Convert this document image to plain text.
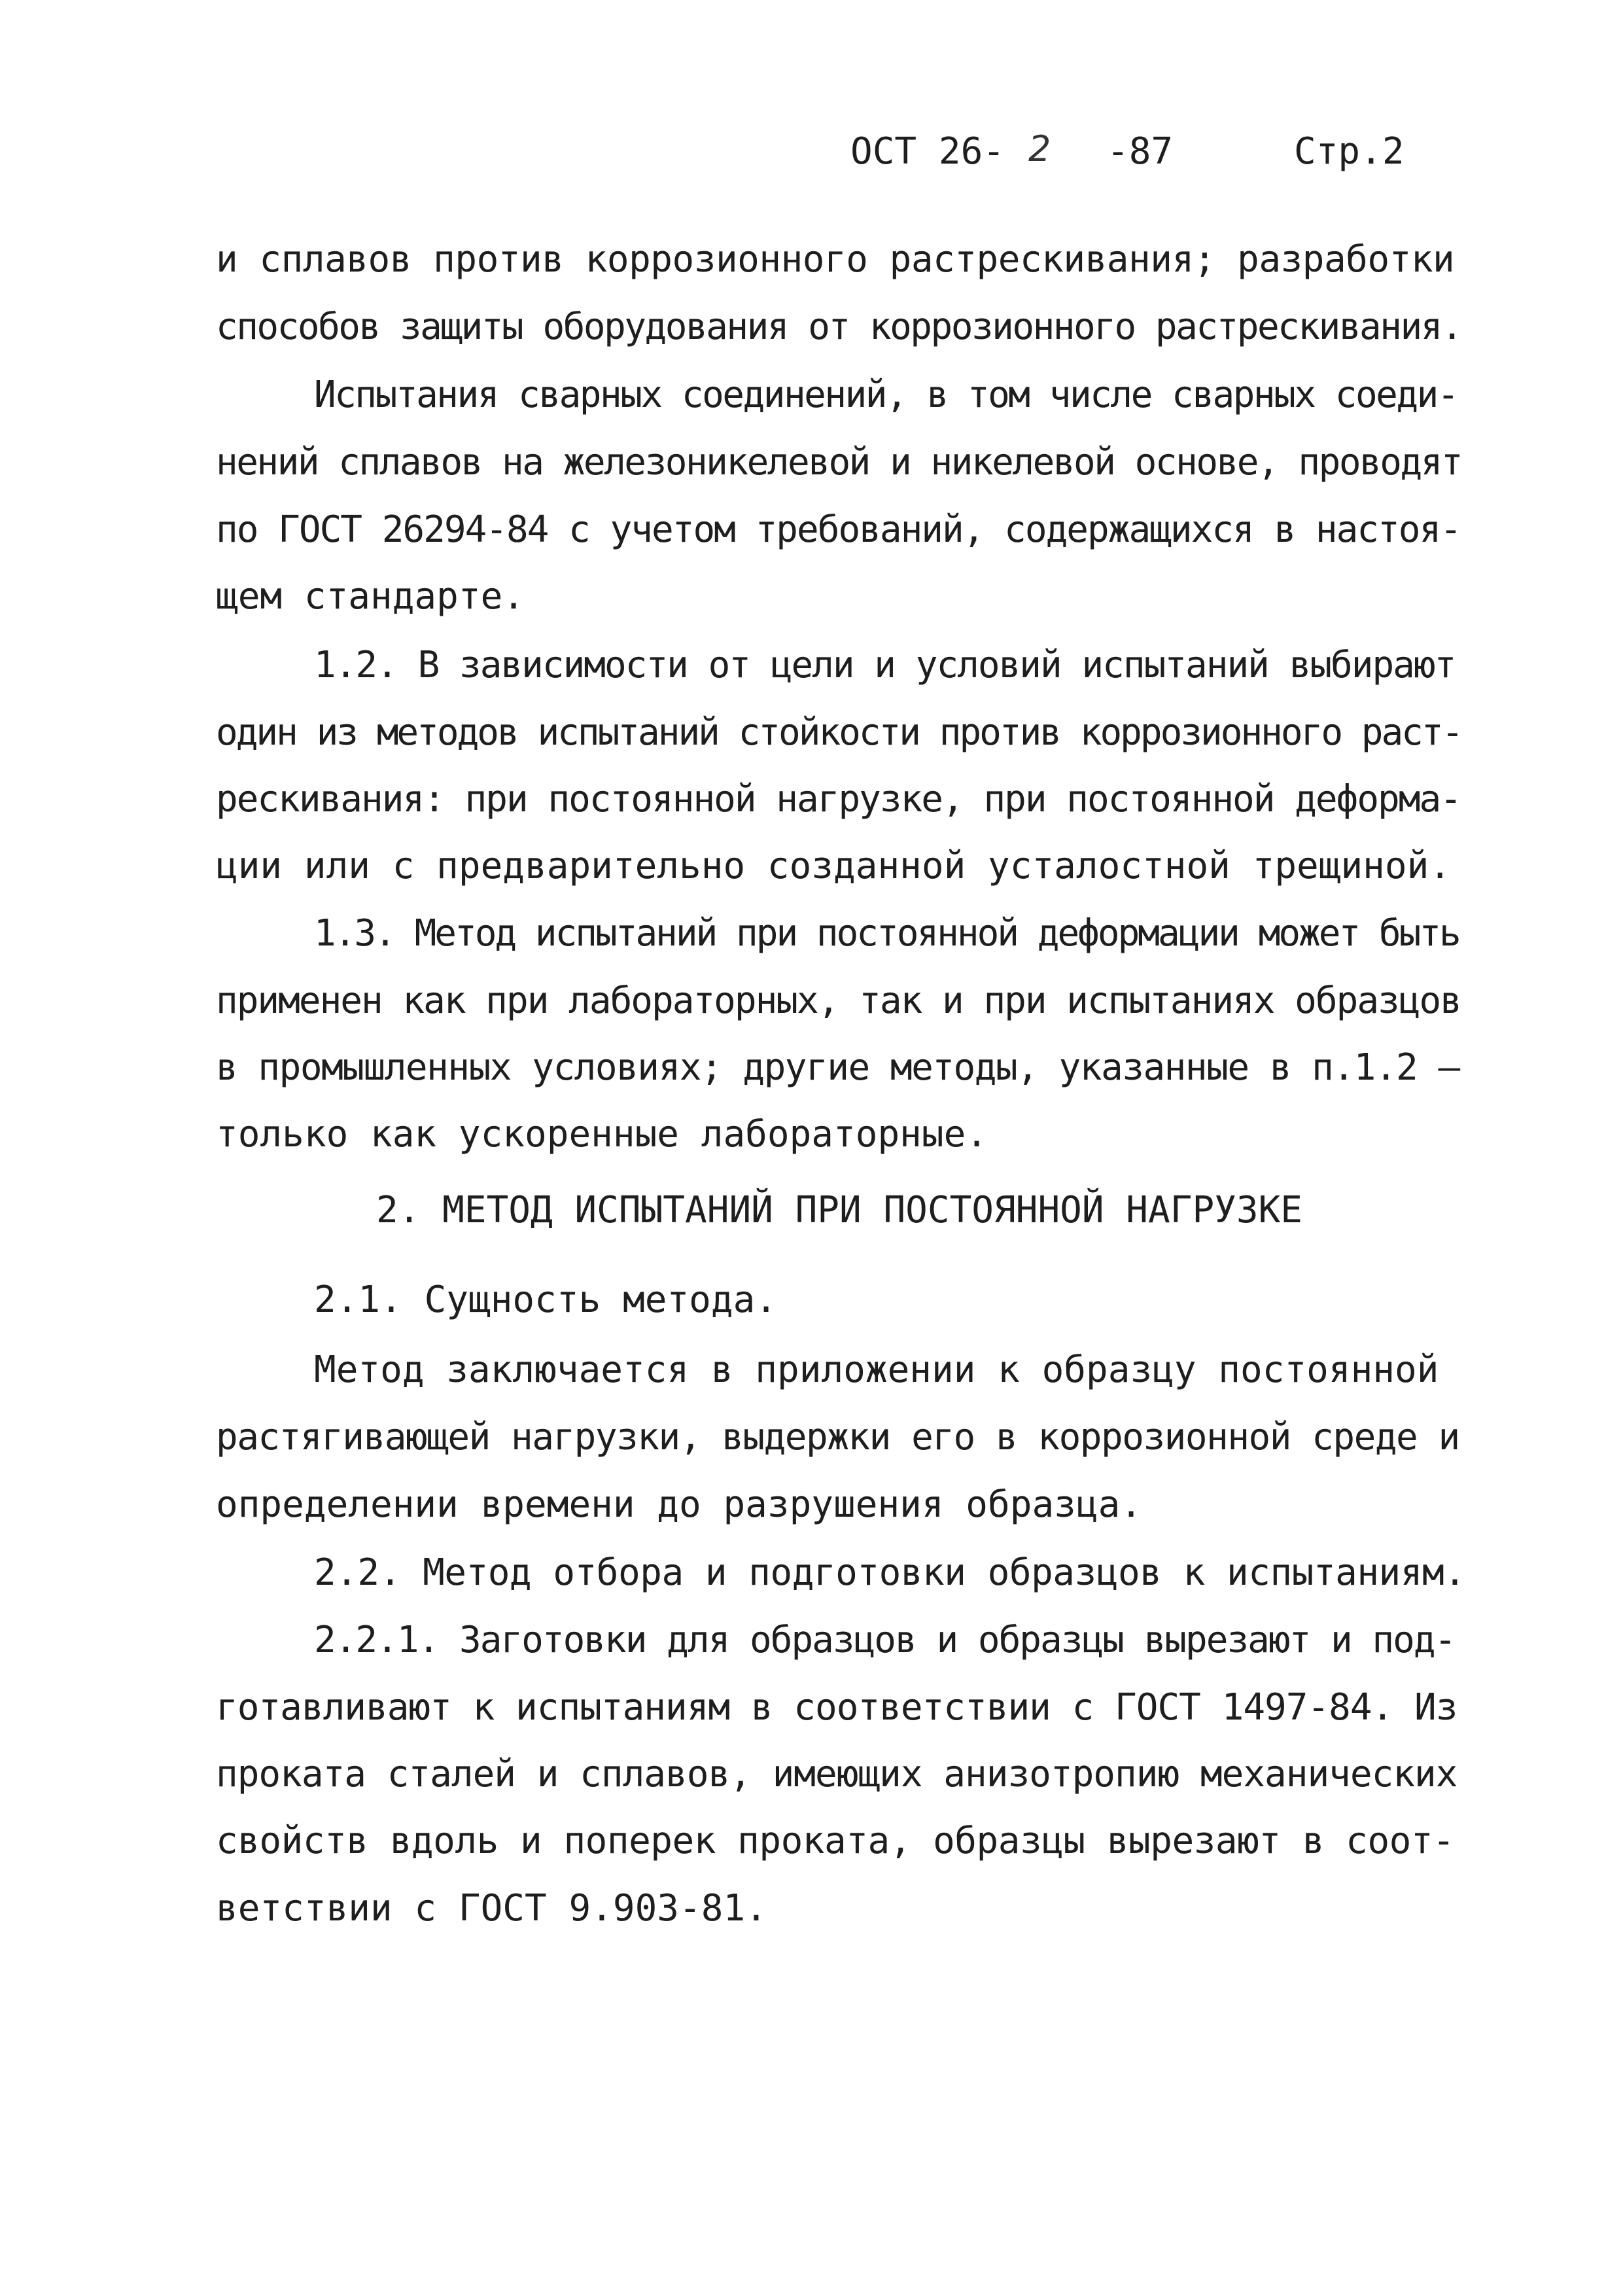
ОСТ 26- 2 -87	Стр.2
и сплавов против коррозионного растрескивания; разработки
способов защиты оборудования от коррозионного растрескивания.
Испытания сварных соединений, в том числе сварных соеди-
нений сплавов на железоникелевой и никелевой основе, проводят
по ГОСТ 26294-84 с учетом требований, содержащихся в настоя-
щем стандарте.
1.2. В зависимости от цели и условий испытаний выбирают
один из методов испытаний стойкости против коррозионного раст-
рескивания: при постоянной нагрузке, при постоянной деформа-
ции или с предварительно созданной усталостной трещиной.
1.3. Метод испытаний при постоянной деформации может быть
применен как при лабораторных, так и при испытаниях образцов
в промышленных условиях; другие методы, указанные в п.1.2 –
только как ускоренные лабораторные.
2. МЕТОД ИСПЫТАНИЙ ПРИ ПОСТОЯННОЙ НАГРУЗКЕ
2.1. Сущность метода.
Метод заключается в приложении к образцу постоянной
растягивающей нагрузки, выдержки его в коррозионной среде и
определении времени до разрушения образца.
2.2. Метод отбора и подготовки образцов к испытаниям.
2.2.1. Заготовки для образцов и образцы вырезают и под-
готавливают к испытаниям в соответствии с ГОСТ 1497-84. Из
проката сталей и сплавов, имеющих анизотропию механических
свойств вдоль и поперек проката, образцы вырезают в соот-
ветствии с ГОСТ 9.903-81.
